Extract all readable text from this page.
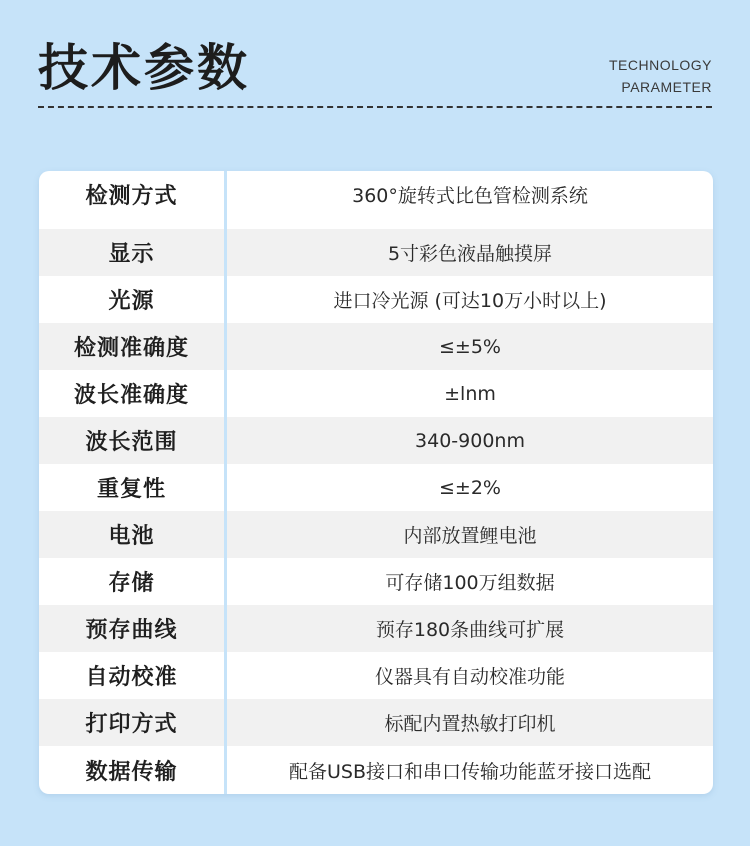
技术参数	TECHNOLOGY
PARAMETER
检测方式	360°旋转式比色管检测系统
显示	5寸彩色液晶触摸屏
光源	进口冷光源 (可达10万小时以上)
检测准确度	≤±5%
波长准确度	±lnm
波长范围	340-900nm
重复性	≤±2%
电池	内部放置鲤电池
存储	可存储100万组数据
预存曲线	预存180条曲线可扩展
自动校准	仪器具有自动校准功能
打印方式	标配内置热敏打印机
数据传输	配备USB接口和串口传输功能蓝牙接口选配
